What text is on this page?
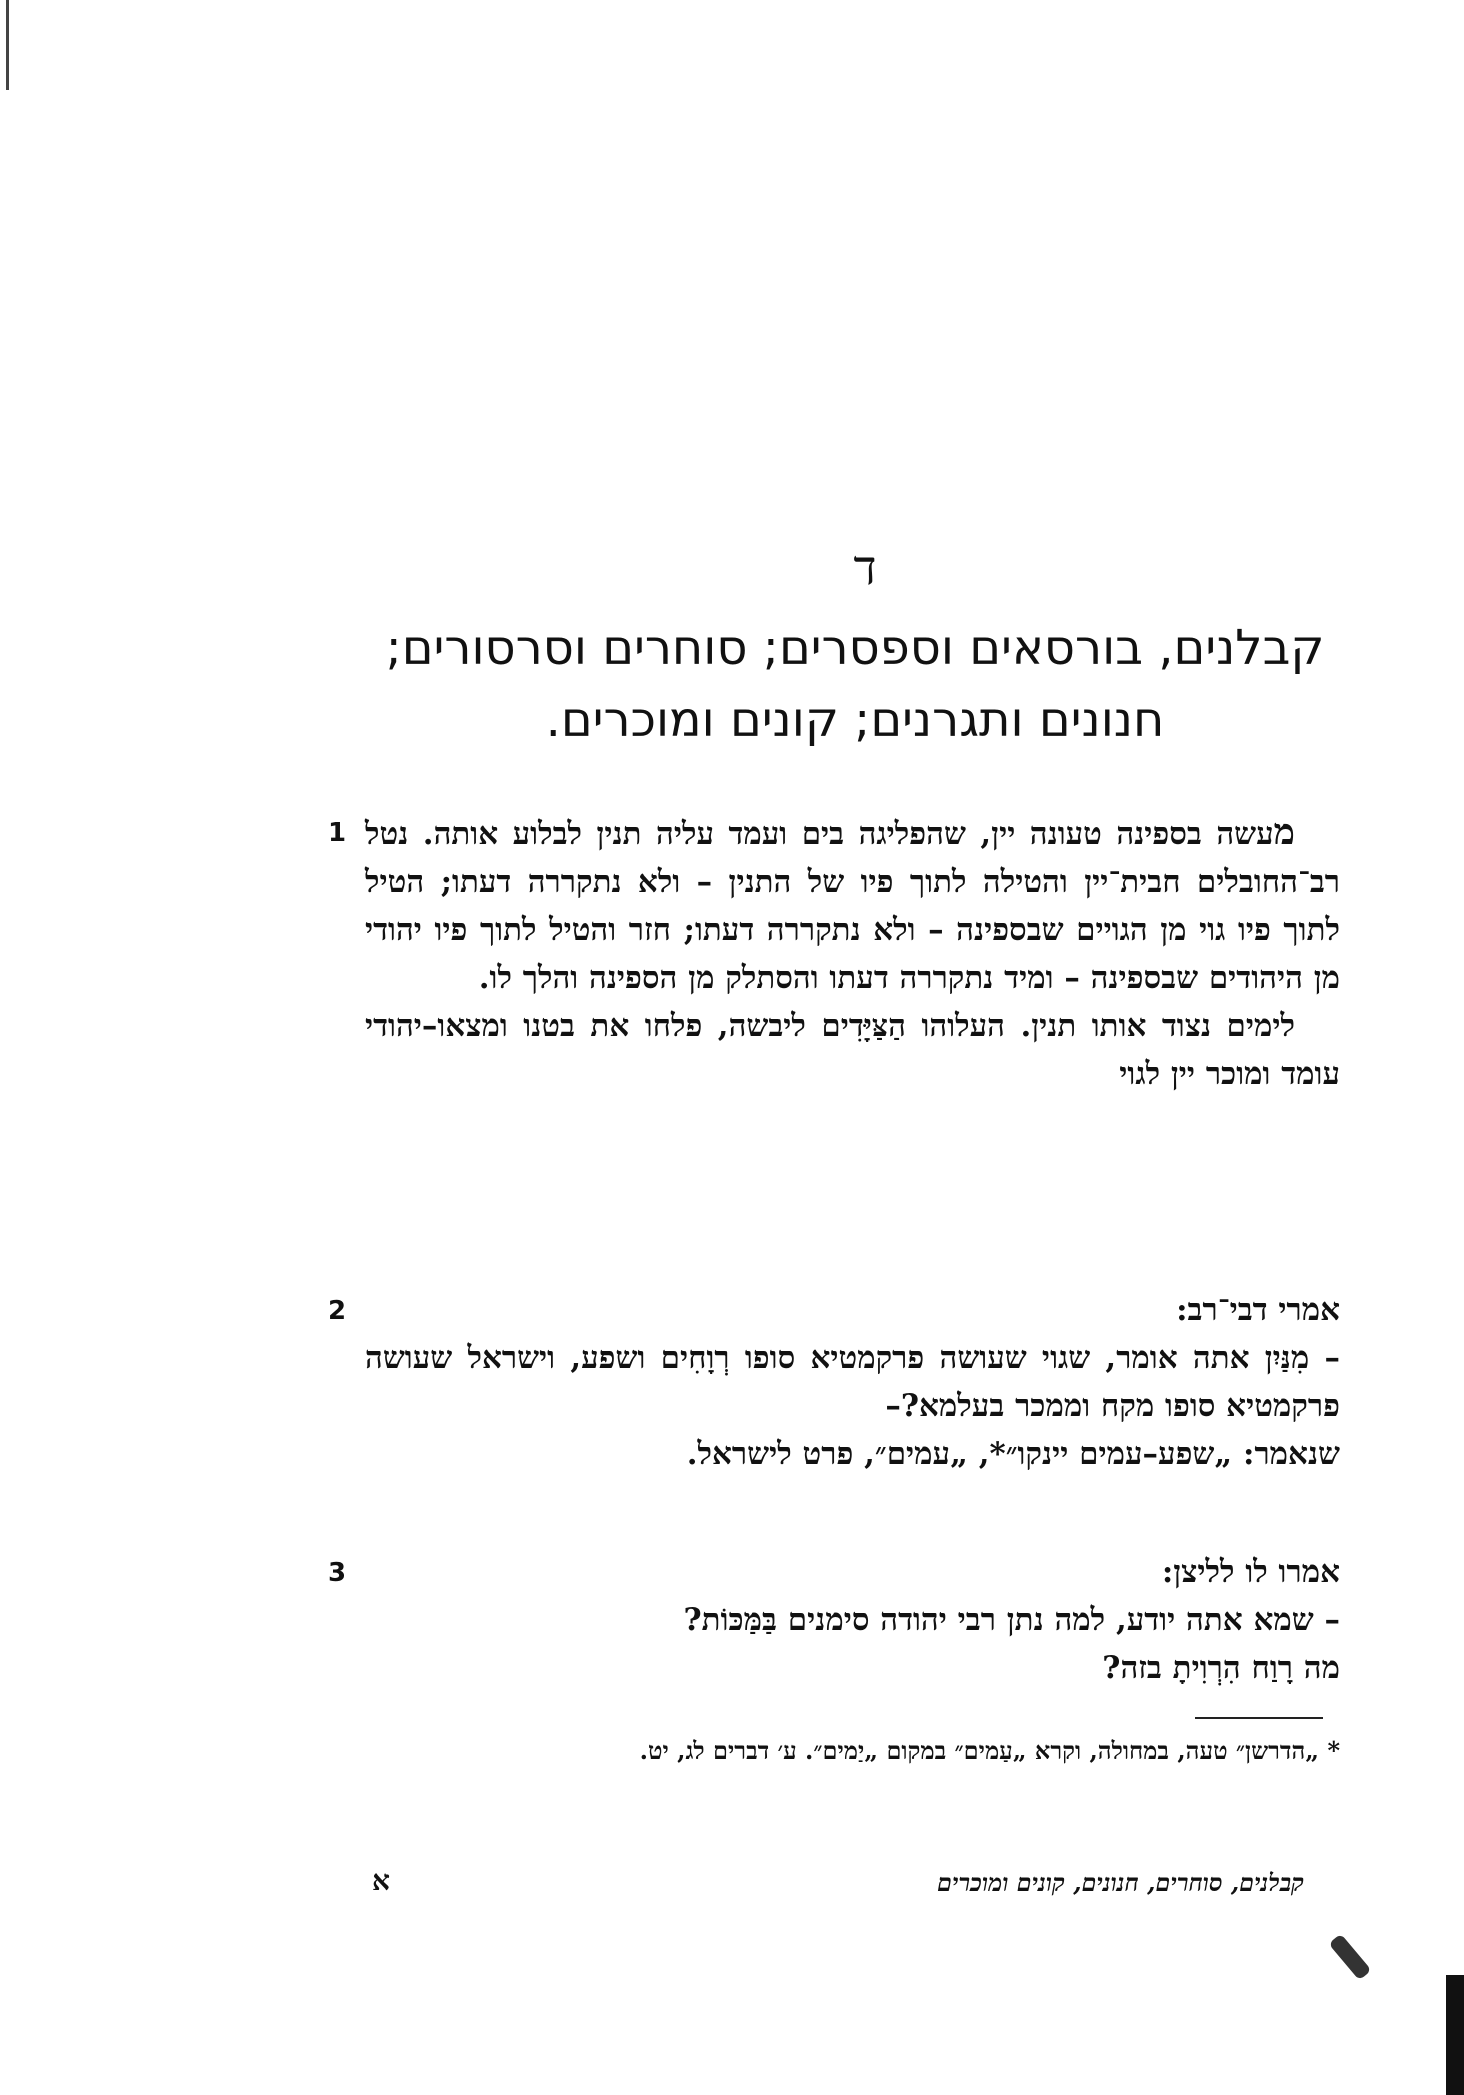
ד
קבלנים, בורסאים וספסרים; סוחרים וסרסורים;
חנונים ותגרנים; קונים ומוכרים.
1	מעשה בספינה טעונה יין, שהפליגה בים ועמד עליה תנין לבלוע אותה. נטל רב־החובלים חבית־יין והטילה לתוך פיו של התנין – ולא נתקררה דעתו; הטיל לתוך פיו גוי מן הגויים שבספינה – ולא נתקררה דעתו; חזר והטיל לתוך פיו יהודי מן היהודים שבספינה – ומיד נתקררה דעתו והסתלק מן הספינה והלך לו.

לימים נצוד אותו תנין. העלוהו הַצַּיָּדִים ליבשה, פלחו את בטנו ומצאו–יהודי עומד ומוכר יין לגוי

2	אמרי דבי־רב:

– מִנַּיִן אתה אומר, שגוי שעושה פרקמטיא סופו רְוָחִים ושפע, וישראל שעושה פרקמטיא סופו מקח וממכר בעלמא?–

שנאמר: „שפע–עמים יינקו״*, „עמים״, פרט לישראל.

3	אמרו לו לליצן:

– שמא אתה יודע, למה נתן רבי יהודה סימנים בַּמַּכּוֹת?

מה רָוַח הִרְוִיתָ בזה?

* „הדרשן״ טעה, במחולה, וקרא „עַמים״ במקום „יַמים״. ע׳ דברים לג, יט.
קבלנים, סוחרים, חנונים, קונים ומוכרים
א
